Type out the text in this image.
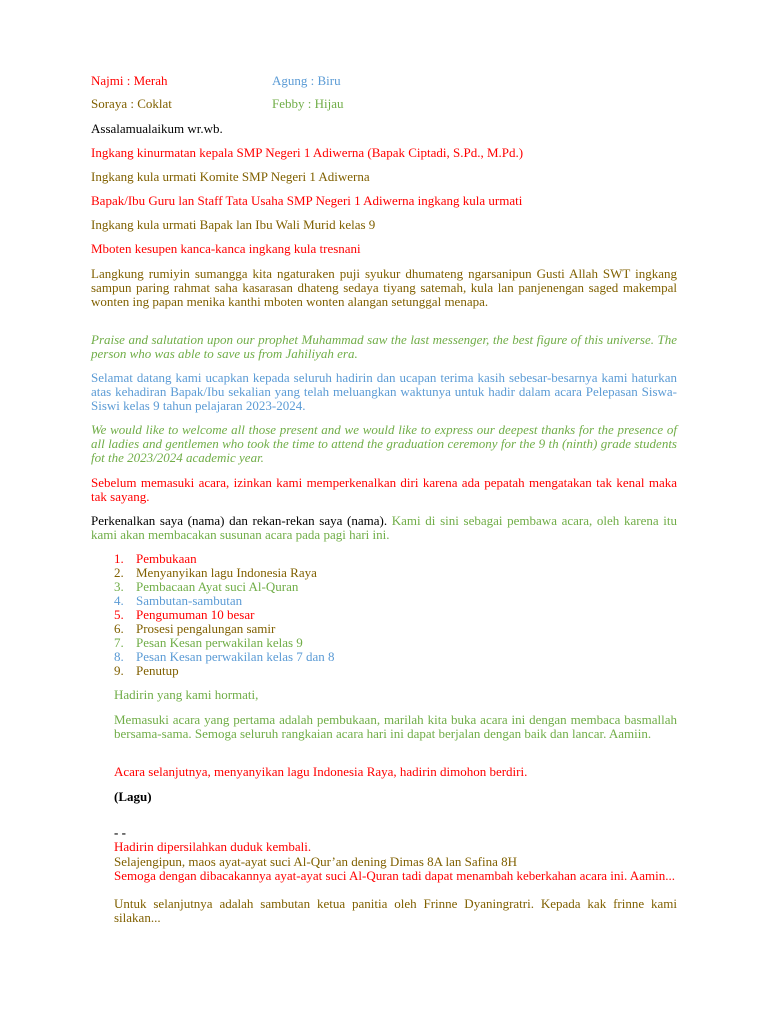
Najmi : Merah	Agung : Biru

Soraya : Coklat	Febby : Hijau

Assalamualaikum wr.wb.

Ingkang kinurmatan kepala SMP Negeri 1 Adiwerna (Bapak Ciptadi, S.Pd., M.Pd.)

Ingkang kula urmati Komite SMP Negeri 1 Adiwerna

Bapak/Ibu Guru lan Staff Tata Usaha SMP Negeri 1 Adiwerna ingkang kula urmati

Ingkang kula urmati Bapak lan Ibu Wali Murid kelas 9

Mboten kesupen kanca-kanca ingkang kula tresnani

Langkung rumiyin sumangga kita ngaturaken puji syukur dhumateng ngarsanipun Gusti Allah SWT ingkang sampun paring rahmat saha kasarasan dhateng sedaya tiyang satemah, kula lan panjenengan saged makempal wonten ing papan menika kanthi mboten wonten alangan setunggal menapa.

Praise and salutation upon our prophet Muhammad saw the last messenger, the best figure of this universe. The person who was able to save us from Jahiliyah era.

Selamat datang kami ucapkan kepada seluruh hadirin dan ucapan terima kasih sebesar-besarnya kami haturkan atas kehadiran Bapak/Ibu sekalian yang telah meluangkan waktunya untuk hadir dalam acara Pelepasan Siswa-Siswi kelas 9 tahun pelajaran 2023-2024.

We would like to welcome all those present and we would like to express our deepest thanks for the presence of all ladies and gentlemen who took the time to attend the graduation ceremony for the 9 th (ninth) grade students fot the 2023/2024 academic year.

Sebelum memasuki acara, izinkan kami memperkenalkan diri karena ada pepatah mengatakan tak kenal maka tak sayang.

Perkenalkan saya (nama) dan rekan-rekan saya (nama). Kami di sini sebagai pembawa acara, oleh karena itu kami akan membacakan susunan acara pada pagi hari ini.

1. Pembukaan
2. Menyanyikan lagu Indonesia Raya
3. Pembacaan Ayat suci Al-Quran
4. Sambutan-sambutan
5. Pengumuman 10 besar
6. Prosesi pengalungan samir
7. Pesan Kesan perwakilan kelas 9
8. Pesan Kesan perwakilan kelas 7 dan 8
9. Penutup

Hadirin yang kami hormati,

Memasuki acara yang pertama adalah pembukaan, marilah kita buka acara ini dengan membaca basmallah bersama-sama. Semoga seluruh rangkaian acara hari ini dapat berjalan dengan baik dan lancar. Aamiin.

Acara selanjutnya, menyanyikan lagu Indonesia Raya, hadirin dimohon berdiri.

(Lagu)

- -

Hadirin dipersilahkan duduk kembali.

Selajengipun, maos ayat-ayat suci Al-Qur’an dening Dimas 8A lan Safina 8H

Semoga dengan dibacakannya ayat-ayat suci Al-Quran tadi dapat menambah keberkahan acara ini. Aamin...

Untuk selanjutnya adalah sambutan ketua panitia oleh Frinne Dyaningratri. Kepada kak frinne kami silakan...
